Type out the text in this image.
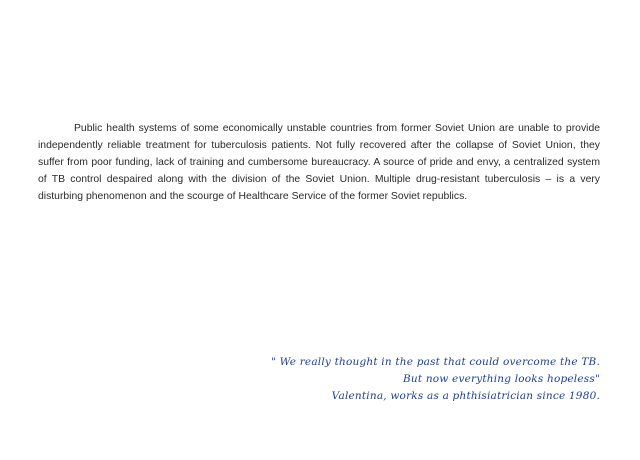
Public health systems of some economically unstable countries from former Soviet Union are unable to provide independently reliable treatment for tuberculosis patients. Not fully recovered after the collapse of Soviet Union, they suffer from poor funding, lack of training and cumbersome bureaucracy. A source of pride and envy, a centralized system of TB control despaired along with the division of the Soviet Union. Multiple drug-resistant tuberculosis – is a very disturbing phenomenon and the scourge of Healthcare Service of the former Soviet republics.

" We really thought in the past that could overcome the TB.
But now everything looks hopeless"
Valentina, works as a phthisiatrician since 1980.
